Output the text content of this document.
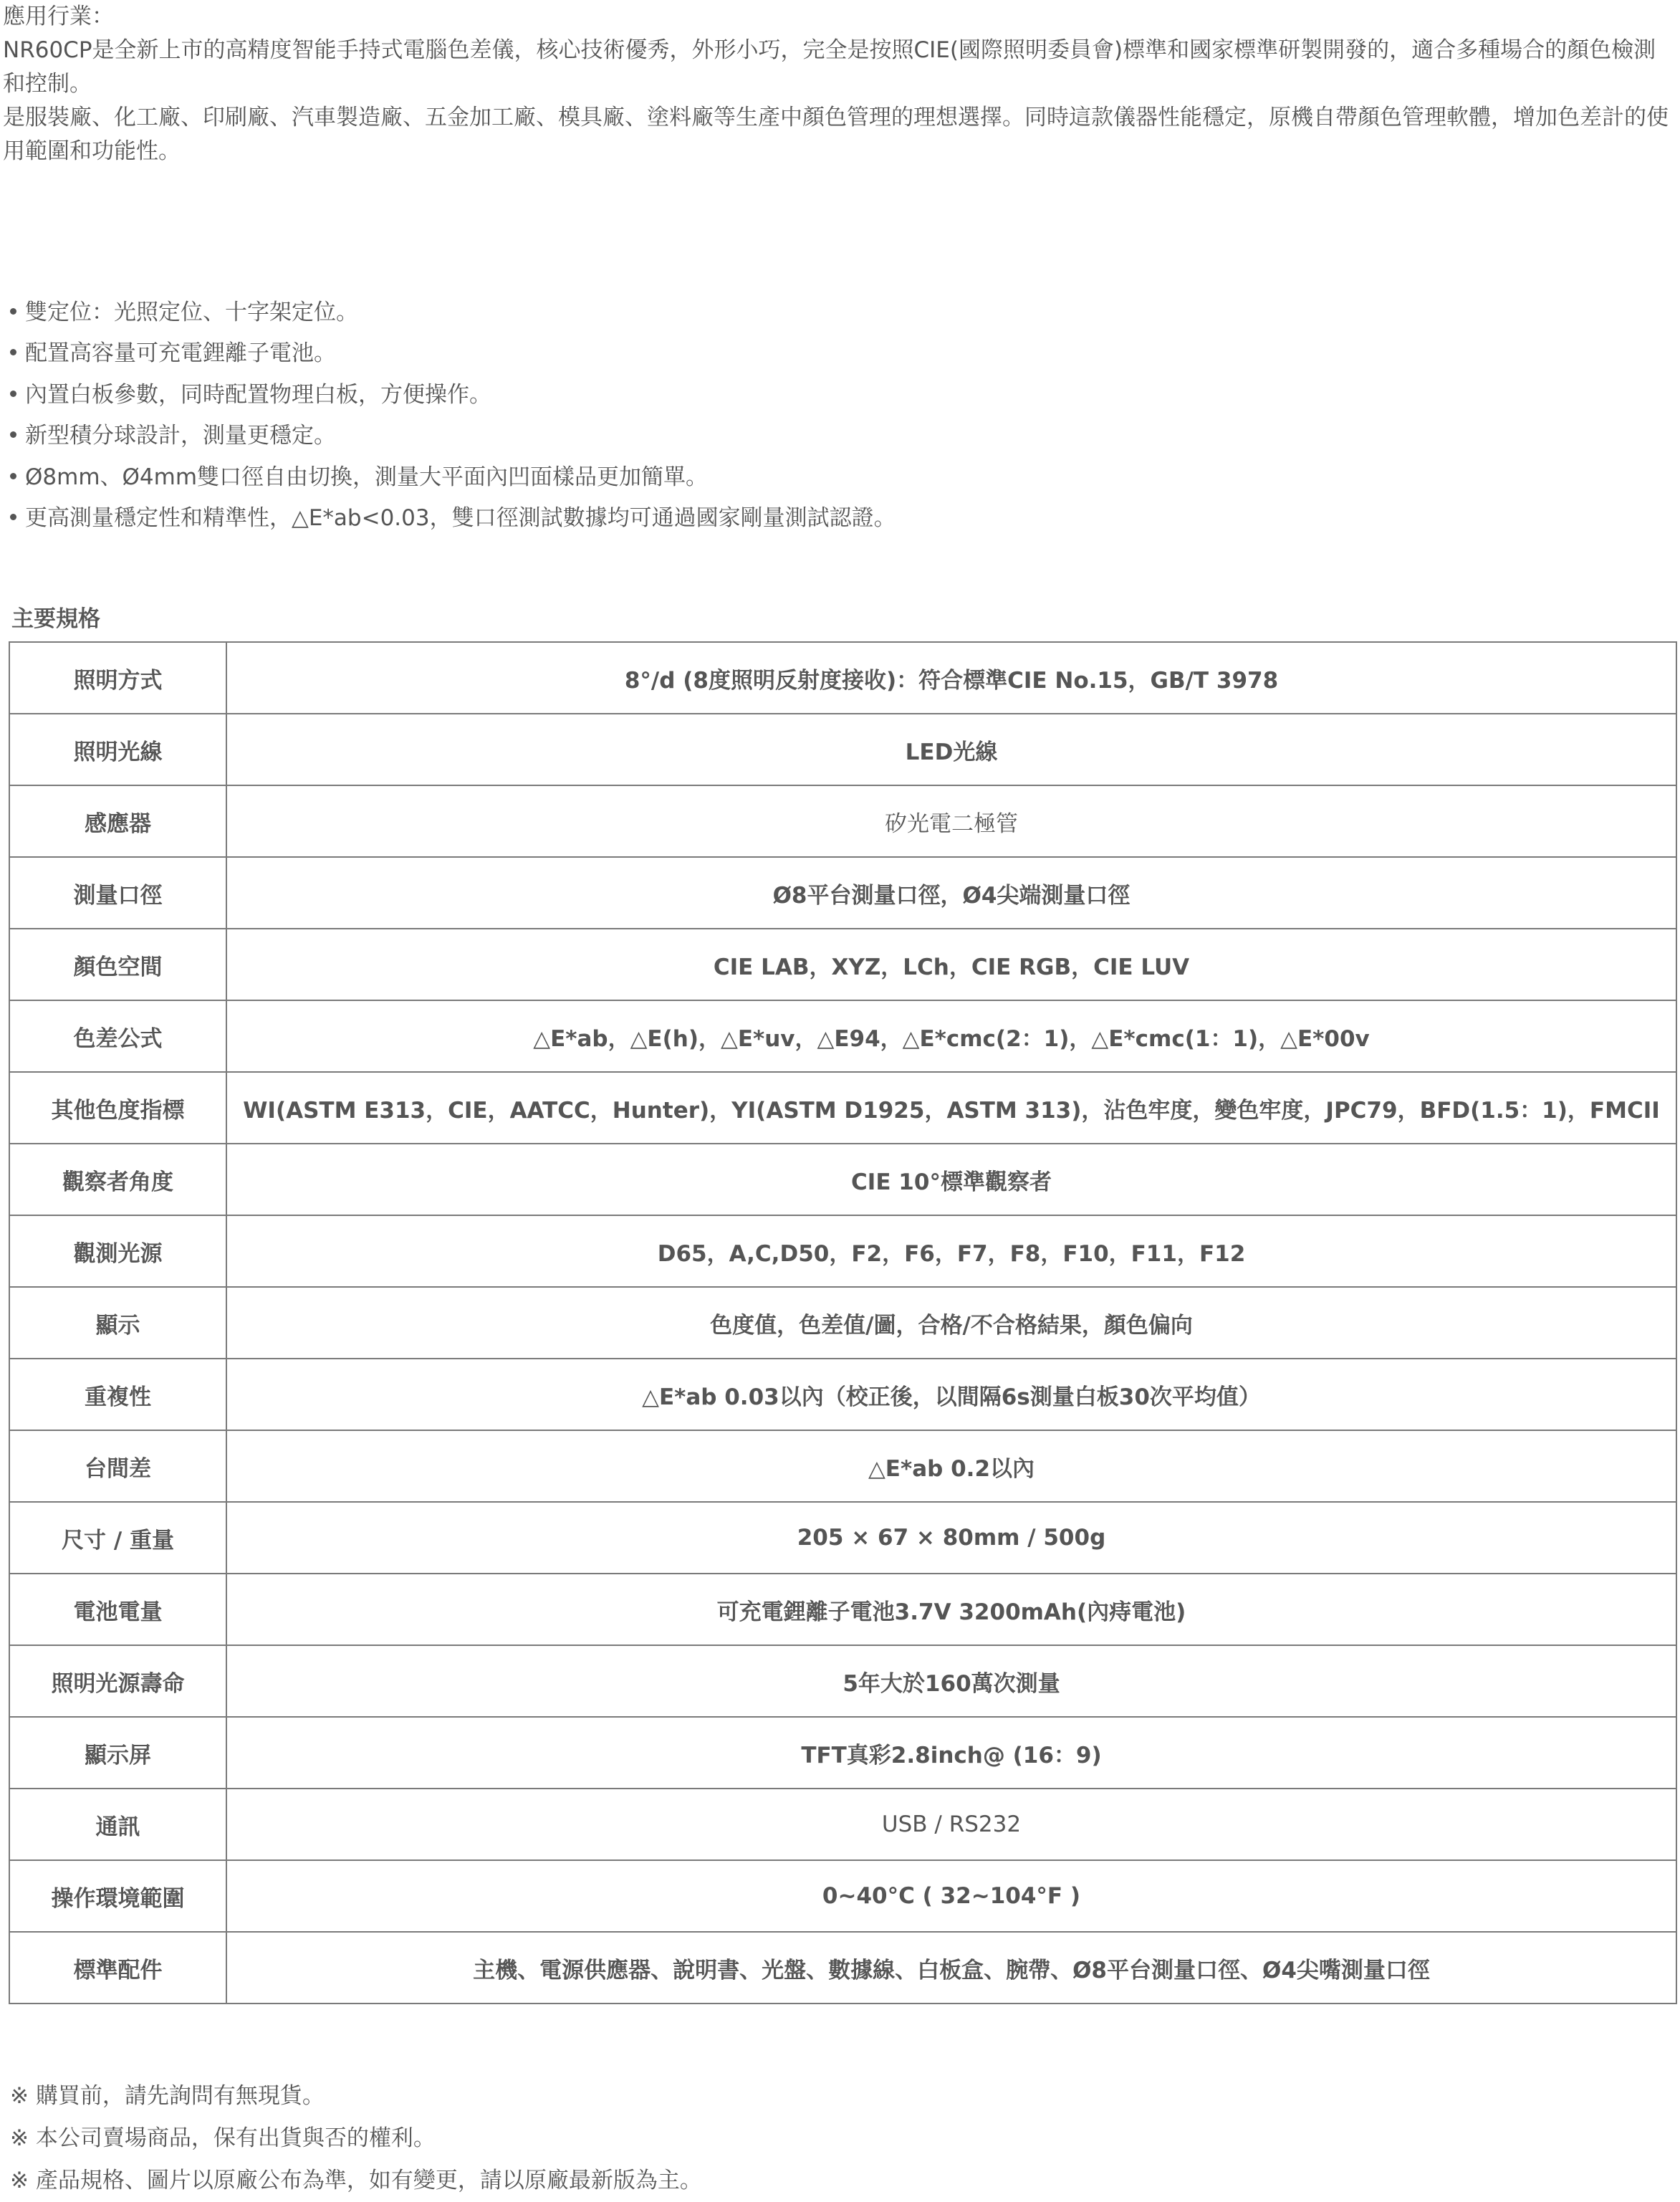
應用行業：

NR60CP是全新上市的高精度智能手持式電腦色差儀，核心技術優秀，外形小巧，完全是按照CIE(國際照明委員會)標準和國家標準研製開發的，適合多種場合的顏色檢測和控制。

是服裝廠、化工廠、印刷廠、汽車製造廠、五金加工廠、模具廠、塗料廠等生產中顏色管理的理想選擇。同時這款儀器性能穩定，原機自帶顏色管理軟體，增加色差計的使用範圍和功能性。

雙定位：光照定位、十字架定位。
配置高容量可充電鋰離子電池。
內置白板參數，同時配置物理白板，方便操作。
新型積分球設計，測量更穩定。
Ø8mm、Ø4mm雙口徑自由切換，測量大平面內凹面樣品更加簡單。
更高測量穩定性和精準性，△E*ab<0.03，雙口徑測試數據均可通過國家剛量測試認證。
主要規格
照明方式	8°/d (8度照明反射度接收)：符合標準CIE No.15，GB/T 3978
照明光線	LED光線
感應器	矽光電二極管
測量口徑	Ø8平台測量口徑，Ø4尖端測量口徑
顏色空間	CIE LAB，XYZ，LCh，CIE RGB，CIE LUV
色差公式	△E*ab，△E(h)，△E*uv，△E94，△E*cmc(2：1)，△E*cmc(1：1)，△E*00v
其他色度指標	WI(ASTM E313，CIE，AATCC，Hunter)，YI(ASTM D1925，ASTM 313)，沾色牢度，變色牢度，JPC79，BFD(1.5：1)，FMCII
觀察者角度	CIE 10°標準觀察者
觀測光源	D65，A,C,D50，F2，F6，F7，F8，F10，F11，F12
顯示	色度值，色差值/圖，合格/不合格結果，顏色偏向
重複性	△E*ab 0.03以內（校正後，以間隔6s測量白板30次平均值）
台間差	△E*ab 0.2以內
尺寸 / 重量	205 × 67 × 80mm / 500g
電池電量	可充電鋰離子電池3.7V 3200mAh(內痔電池)
照明光源壽命	5年大於160萬次測量
顯示屏	TFT真彩2.8inch@ (16：9)
通訊	USB / RS232
操作環境範圍	0~40°C ( 32~104°F )
標準配件	主機、電源供應器、說明書、光盤、數據線、白板盒、腕帶、Ø8平台測量口徑、Ø4尖嘴測量口徑

※ 購買前，請先詢問有無現貨。

※ 本公司賣場商品，保有出貨與否的權利。

※ 產品規格、圖片以原廠公布為準，如有變更，請以原廠最新版為主。
